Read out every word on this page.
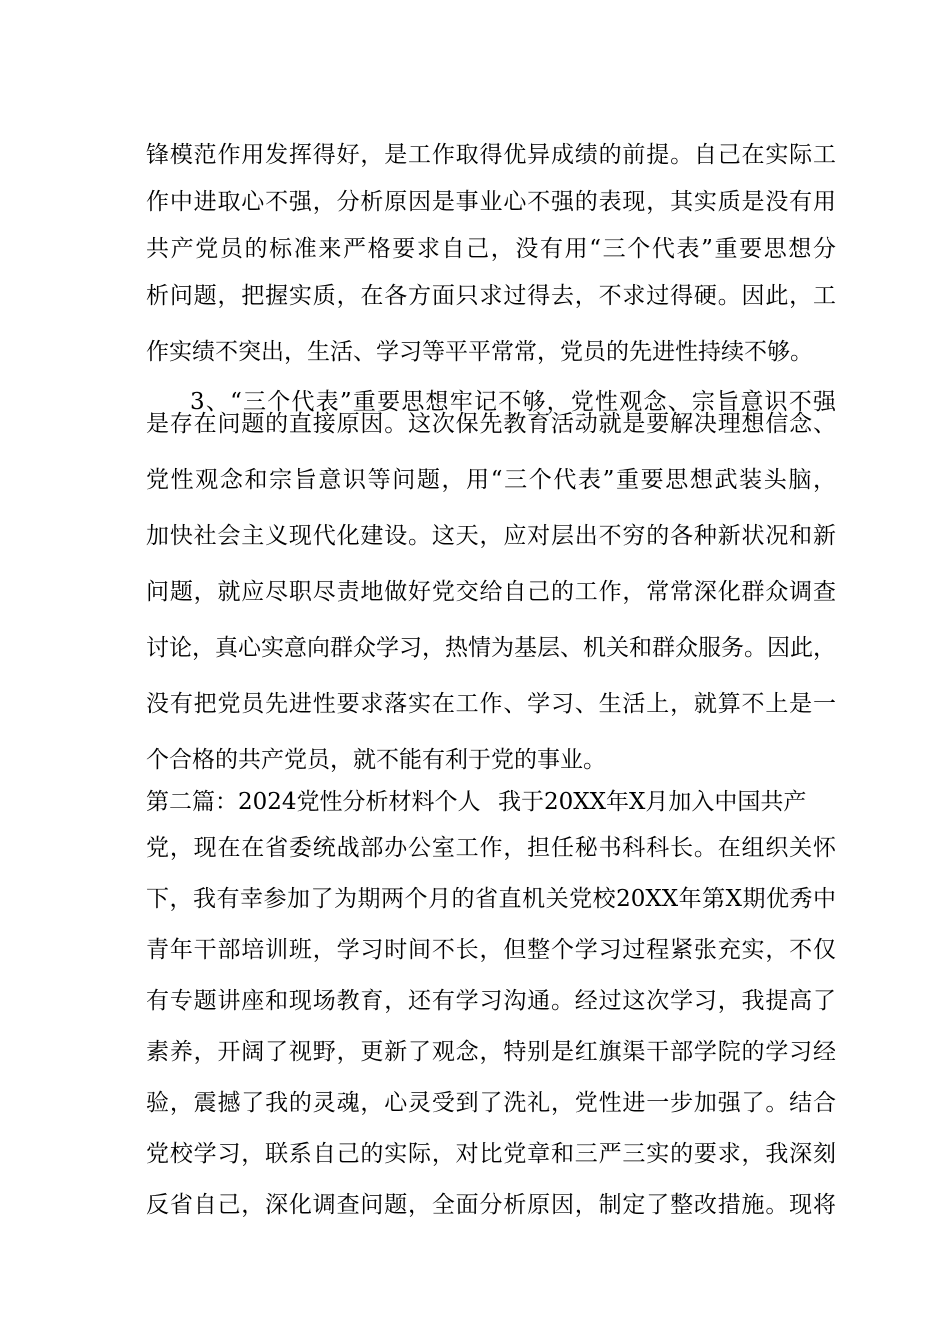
锋模范作用发挥得好，是工作取得优异成绩的前提。自己在实际工
作中进取心不强，分析原因是事业心不强的表现，其实质是没有用
共产党员的标准来严格要求自己，没有用“三个代表”重要思想分
析问题，把握实质，在各方面只求过得去，不求过得硬。因此，工
作实绩不突出，生活、学习等平平常常，党员的先进性持续不够。
3、“三个代表”重要思想牢记不够，党性观念、宗旨意识不强
是存在问题的直接原因。这次保先教育活动就是要解决理想信念、
党性观念和宗旨意识等问题，用“三个代表”重要思想武装头脑，
加快社会主义现代化建设。这天，应对层出不穷的各种新状况和新
问题，就应尽职尽责地做好党交给自己的工作，常常深化群众调查
讨论，真心实意向群众学习，热情为基层、机关和群众服务。因此，
没有把党员先进性要求落实在工作、学习、生活上，就算不上是一
个合格的共产党员，就不能有利于党的事业。
第二篇：2024党性分析材料个人 我于20XX年X月加入中国共产
党，现在在省委统战部办公室工作，担任秘书科科长。在组织关怀
下，我有幸参加了为期两个月的省直机关党校20XX年第X期优秀中
青年干部培训班，学习时间不长，但整个学习过程紧张充实，不仅
有专题讲座和现场教育，还有学习沟通。经过这次学习，我提高了
素养，开阔了视野，更新了观念，特别是红旗渠干部学院的学习经
验，震撼了我的灵魂，心灵受到了洗礼，党性进一步加强了。结合
党校学习，联系自己的实际，对比党章和三严三实的要求，我深刻
反省自己，深化调查问题，全面分析原因，制定了整改措施。现将
